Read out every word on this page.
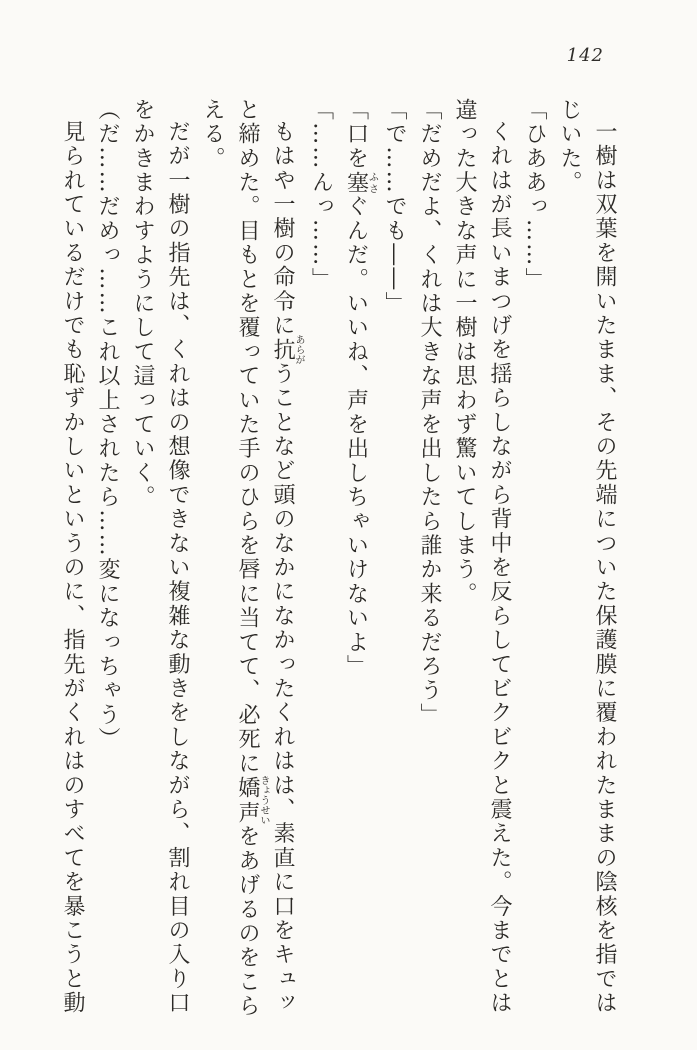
142

一樹は双葉を開いたまま、その先端についた保護膜に覆われたままの陰核を指ではじいた。

「ひああっ……」

くれはが長いまつげを揺らしながら背中を反らしてビクビクと震えた。今までとは違った大きな声に一樹は思わず驚いてしまう。

「だめだよ、くれは大きな声を出したら誰か来るだろう」

「で……でも――」

「口を塞ふさぐんだ。いいね、声を出しちゃいけないよ」

「……んっ……」

もはや一樹の命令に抗あらがうことなど頭のなかになかったくれはは、素直に口をキュッと締めた。目もとを覆っていた手のひらを唇に当てて、必死に嬌声きょうせいをあげるのをこらえる。

だが一樹の指先は、くれはの想像できない複雑な動きをしながら、割れ目の入り口をかきまわすようにして這っていく。

（だ……だめっ……これ以上されたら……変になっちゃう）

見られているだけでも恥ずかしいというのに、指先がくれはのすべてを暴こうと動
